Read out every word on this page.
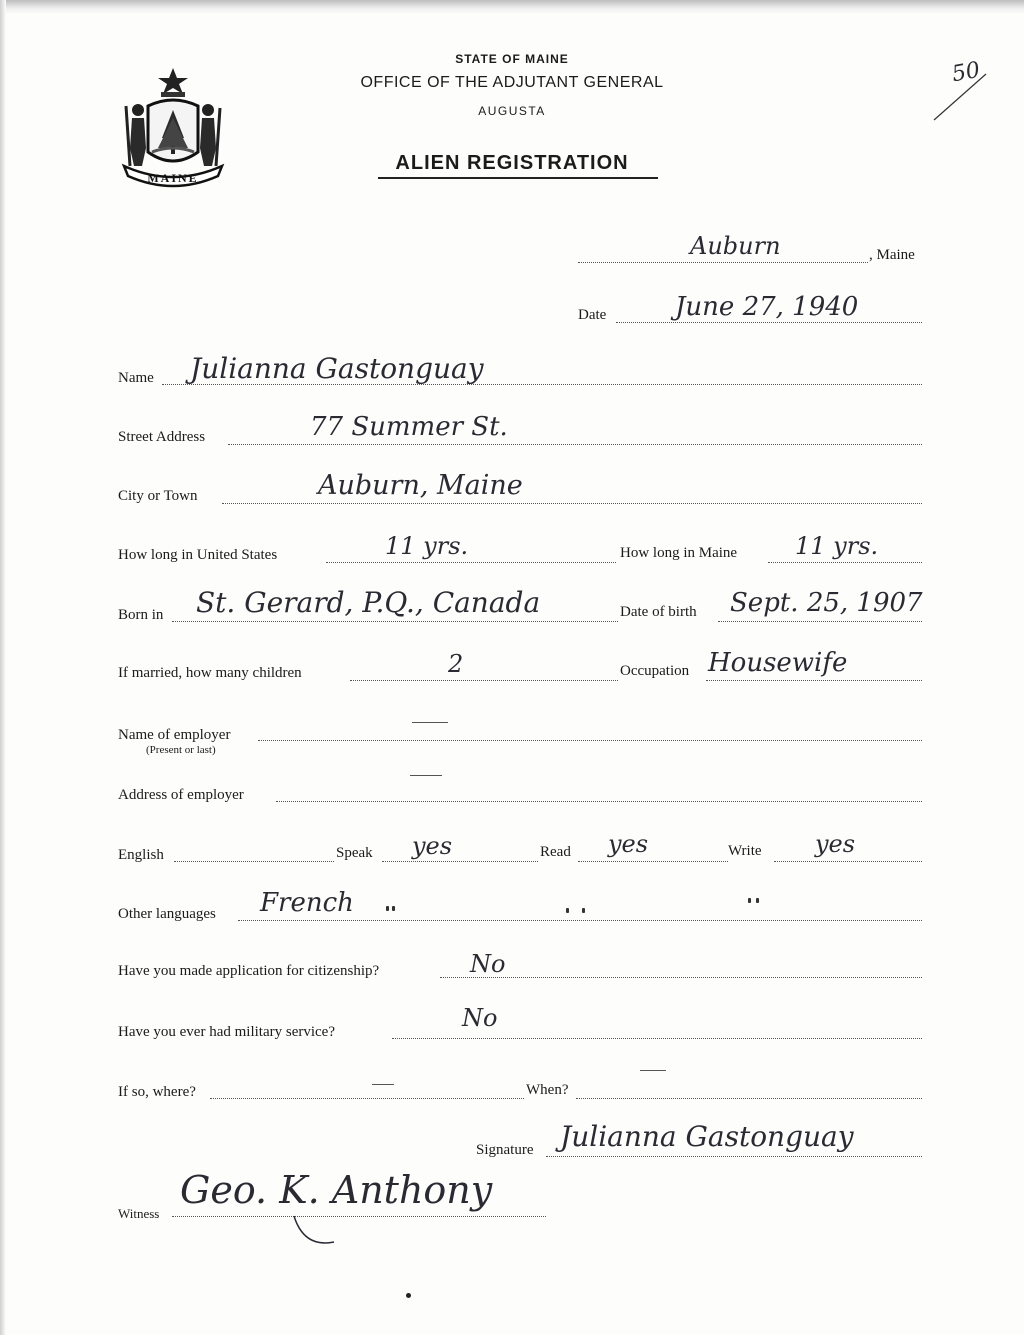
MAINE
STATE OF MAINE
OFFICE OF THE ADJUTANT GENERAL
AUGUSTA
ALIEN REGISTRATION
50
Auburn	, Maine
Date	June 27, 1940
Name Julianna Gastonguay
Street Address	77 Summer St.
City or Town	Auburn, Maine
How long in United States	11 yrs.	How long in Maine 11 yrs.
Born in St. Gerard, P.Q., Canada	Date of birth Sept. 25, 1907
If married, how many children	2	Occupation Housewife
Name of employer
(Present or last)
Address of employer
English	Speak yes	Read yes	Write yes
Other languages French
Have you made application for citizenship?	No
Have you ever had military service?	No
If so, where?	When?
Signature Julianna Gastonguay
Witness
Geo. K. Anthony
